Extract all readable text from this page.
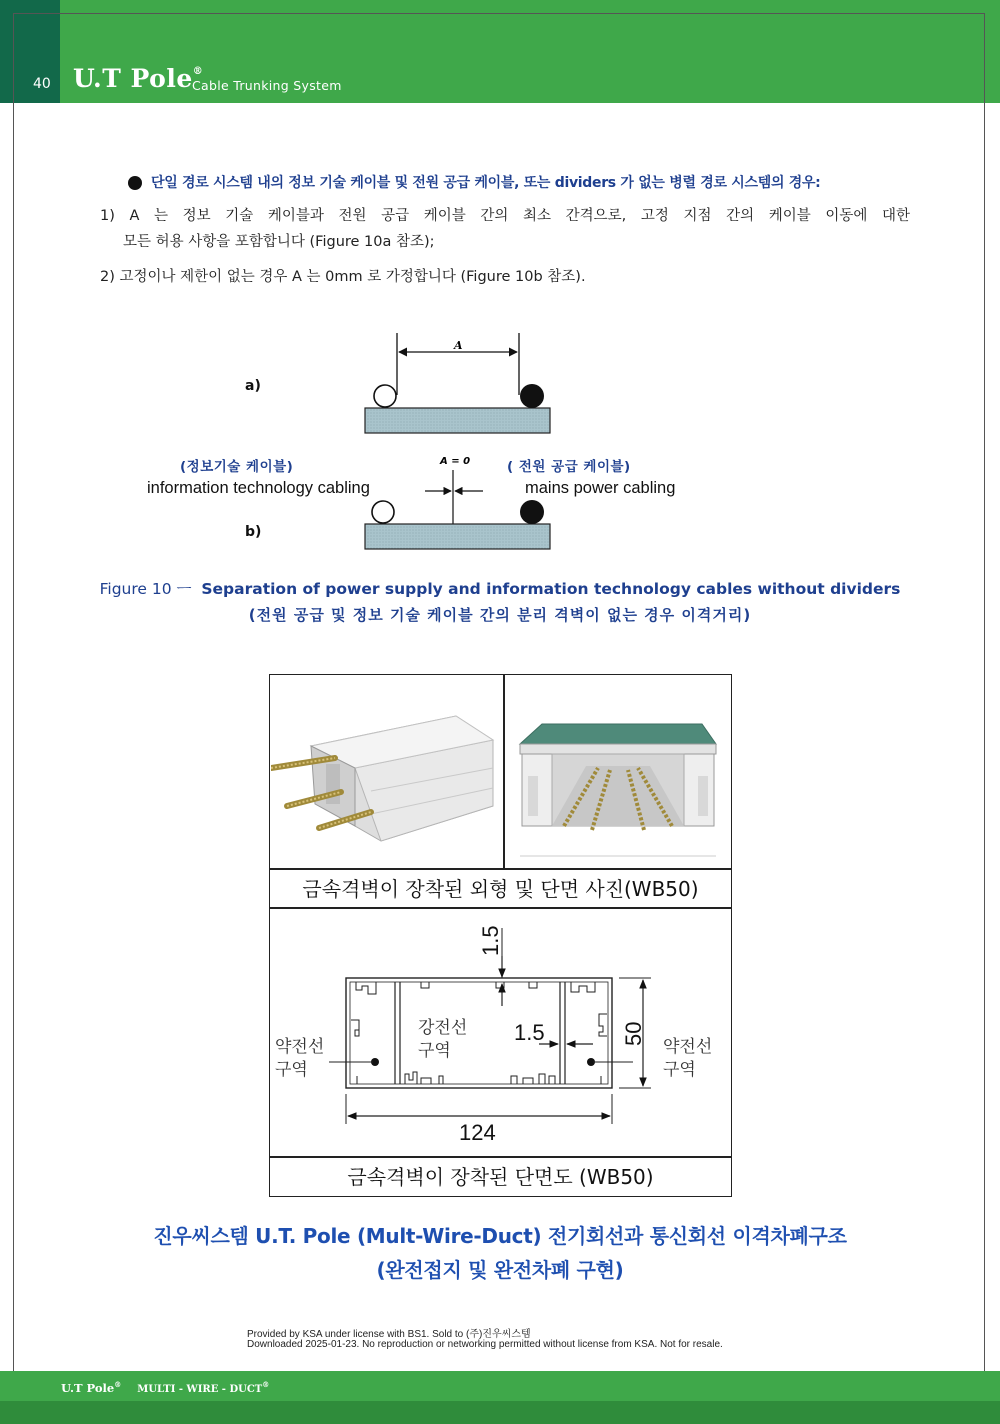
40 U.T Pole®
Cable Trunking System
단일 경로 시스템 내의 정보 기술 케이블 및 전원 공급 케이블, 또는 dividers 가 없는 병렬 경로 시스템의 경우:
1) A 는 정보 기술 케이블과 전원 공급 케이블 간의 최소 간격으로, 고정 지점 간의 케이블 이동에 대한
모든 허용 사항을 포함합니다 (Figure 10a 참조);
2) 고정이나 제한이 없는 경우 A 는 0mm 로 가정합니다 (Figure 10b 참조).
a)
b)
A
A = 0
(정보기술 케이블)
information technology cabling
( 전원 공급 케이블)
mains power cabling
Figure 10 ㅡ Separation of power supply and information technology cables without dividers
(전원 공급 및 정보 기술 케이블 간의 분리 격벽이 없는 경우 이격거리)
금속격벽이 장착된 외형 및 단면 사진(WB50)
1.5
1.5	50
124
강전선
구역
약전선
구역
약전선
구역
금속격벽이 장착된 단면도 (WB50)
진우씨스템 U.T. Pole (Mult-Wire-Duct) 전기회선과 통신회선 이격차폐구조
(완전접지 및 완전차폐 구현)
Provided by KSA under license with BS1. Sold to (주)진우씨스템
Downloaded 2025-01-23. No reproduction or networking permitted without license from KSA. Not for resale.
U.T Pole® MULTI - WIRE - DUCT®
